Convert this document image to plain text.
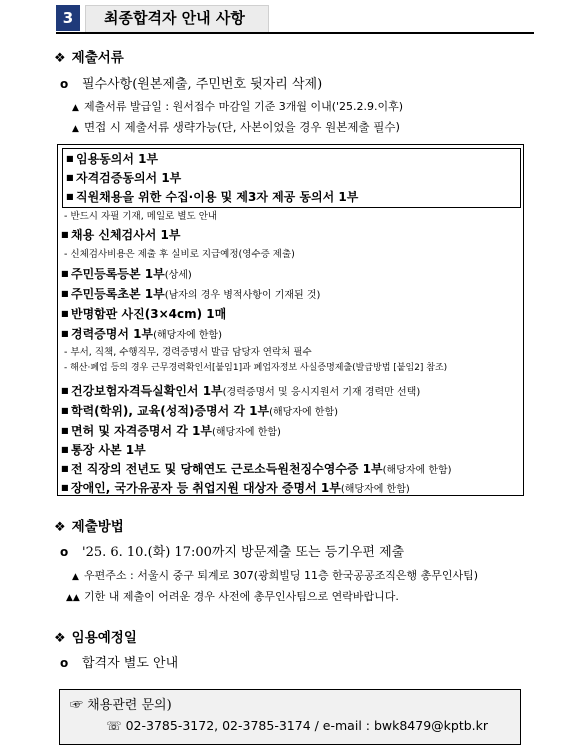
3	최종합격자 안내 사항
❖ 제출서류
o 필수사항(원본제출, 주민번호 뒷자리 삭제)
▲ 제출서류 발급일 : 원서접수 마감일 기준 3개월 이내('25.2.9.이후)
▲ 면접 시 제출서류 생략가능(단, 사본이었을 경우 원본제출 필수)
■ 임용동의서 1부
■ 자격검증동의서 1부
■ 직원채용을 위한 수집·이용 및 제3자 제공 동의서 1부
- 반드시 자필 기재, 메일로 별도 안내
■ 채용 신체검사서 1부
- 신체검사비용은 제출 후 실비로 지급예정(영수증 제출)
■ 주민등록등본 1부(상세)
■ 주민등록초본 1부(남자의 경우 병적사항이 기재된 것)
■ 반명함판 사진(3×4cm) 1매
■ 경력증명서 1부(해당자에 한함)
- 부서, 직책, 수행직무, 경력증명서 발급 담당자 연락처 필수
- 해산·폐업 등의 경우 근무경력확인서[붙임1]과 폐업자정보 사실증명제출(발급방법 [붙임2] 참조)
■ 건강보험자격득실확인서 1부(경력증명서 및 응시지원서 기재 경력만 선택)
■ 학력(학위), 교육(성적)증명서 각 1부(해당자에 한함)
■ 면허 및 자격증명서 각 1부(해당자에 한함)
■ 통장 사본 1부
■ 전 직장의 전년도 및 당해연도 근로소득원천징수영수증 1부(해당자에 한함)
■ 장애인, 국가유공자 등 취업지원 대상자 증명서 1부(해당자에 한함)
❖ 제출방법
o '25. 6. 10.(화) 17:00까지 방문제출 또는 등기우편 제출
▲ 우편주소 : 서울시 중구 퇴계로 307(광희빌딩 11층 한국공공조직은행 총무인사팀)
▲▲ 기한 내 제출이 어려운 경우 사전에 총무인사팀으로 연락바랍니다.
❖ 임용예정일
o 합격자 별도 안내
☞ 채용관련 문의)
☏ 02-3785-3172, 02-3785-3174 / e-mail : bwk8479@kptb.kr
